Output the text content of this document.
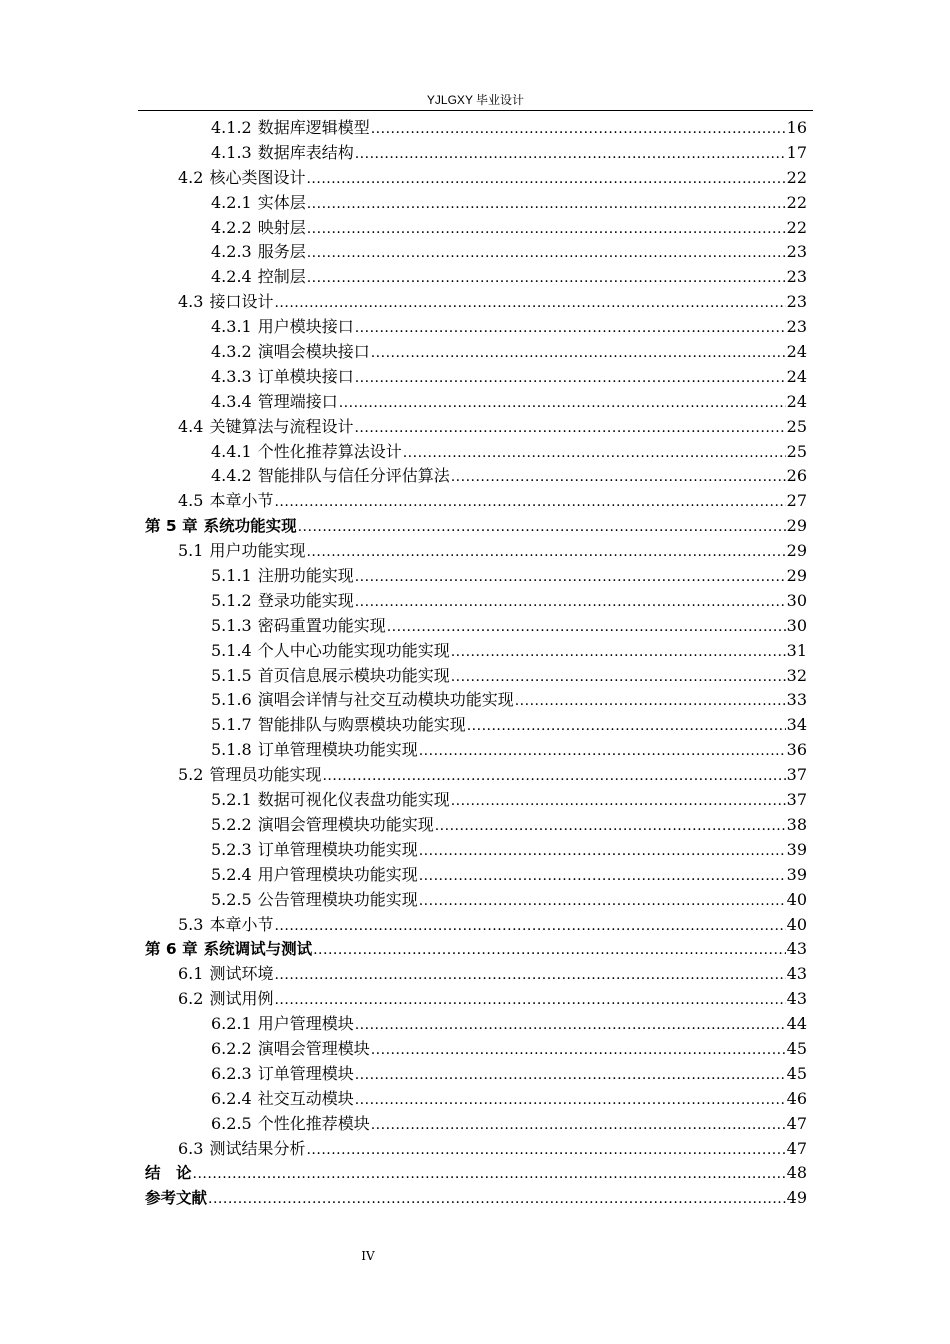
YJLGXY 毕业设计
4.1.2 数据库逻辑模型 .....	16
4.1.3 数据库表结构 .....	17
4.2 核心类图设计 .....	22
4.2.1 实体层 .....	22
4.2.2 映射层 .....	22
4.2.3 服务层 .....	23
4.2.4 控制层 .....	23
4.3 接口设计 .....	23
4.3.1 用户模块接口 .....	23
4.3.2 演唱会模块接口 .....	24
4.3.3 订单模块接口 .....	24
4.3.4 管理端接口 .....	24
4.4 关键算法与流程设计 .....	25
4.4.1 个性化推荐算法设计 .....	25
4.4.2 智能排队与信任分评估算法 .....	26
4.5 本章小节 .....	27
第 5 章 系统功能实现 .....	29
5.1 用户功能实现 .....	29
5.1.1 注册功能实现 .....	29
5.1.2 登录功能实现 .....	30
5.1.3 密码重置功能实现 .....	30
5.1.4 个人中心功能实现功能实现 .....	31
5.1.5 首页信息展示模块功能实现 .....	32
5.1.6 演唱会详情与社交互动模块功能实现 .....	33
5.1.7 智能排队与购票模块功能实现 .....	34
5.1.8 订单管理模块功能实现 .....	36
5.2 管理员功能实现 .....	37
5.2.1 数据可视化仪表盘功能实现 .....	37
5.2.2 演唱会管理模块功能实现 .....	38
5.2.3 订单管理模块功能实现 .....	39
5.2.4 用户管理模块功能实现 .....	39
5.2.5 公告管理模块功能实现 .....	40
5.3 本章小节 .....	40
第 6 章 系统调试与测试 .....	43
6.1 测试环境 .....	43
6.2 测试用例 .....	43
6.2.1 用户管理模块 .....	44
6.2.2 演唱会管理模块 .....	45
6.2.3 订单管理模块 .....	45
6.2.4 社交互动模块 .....	46
6.2.5 个性化推荐模块 .....	47
6.3 测试结果分析 .....	47
结　论 .....	48
参考文献 .....	49
IV
